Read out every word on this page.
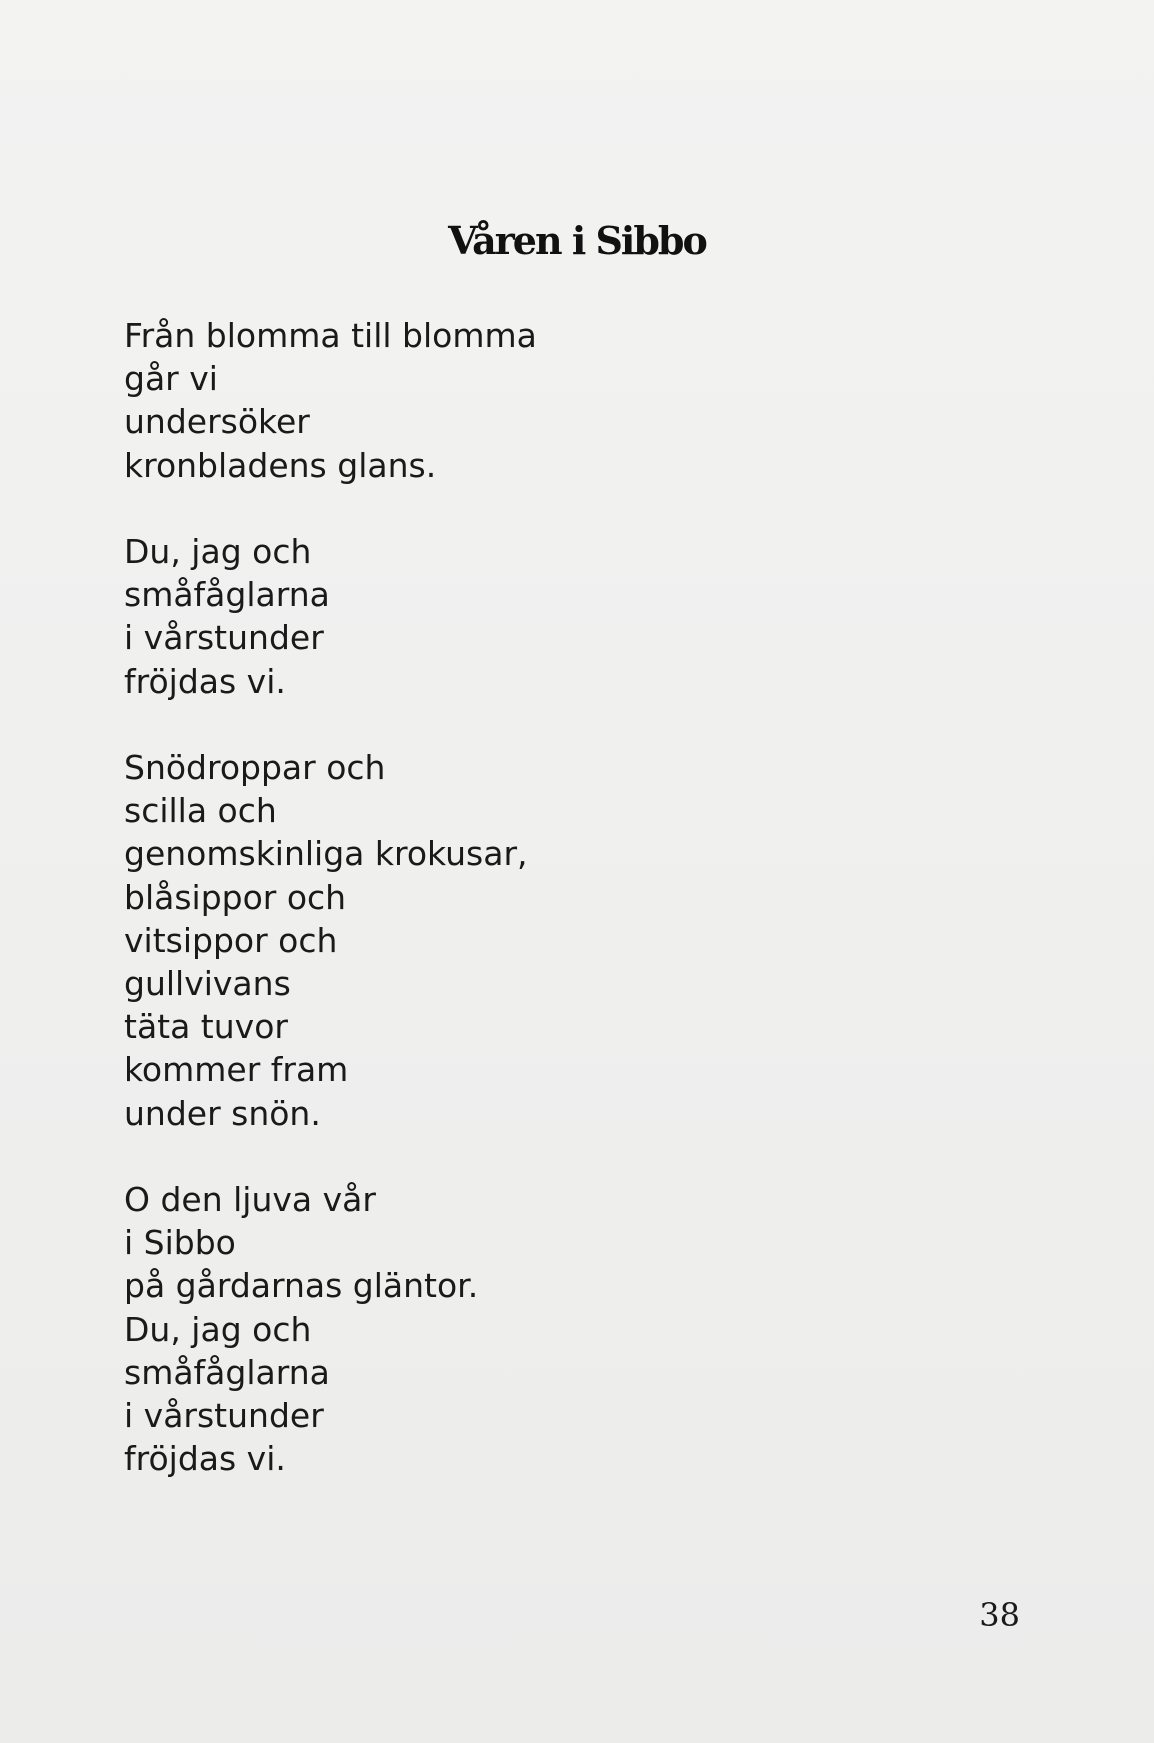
Våren i Sibbo
Från blomma till blomma
går vi
undersöker
kronbladens glans.
Du, jag och
småfåglarna
i vårstunder
fröjdas vi.
Snödroppar och
scilla och
genomskinliga krokusar,
blåsippor och
vitsippor och
gullvivans
täta tuvor
kommer fram
under snön.
O den ljuva vår
i Sibbo
på gårdarnas gläntor.
Du, jag och
småfåglarna
i vårstunder
fröjdas vi.
38
